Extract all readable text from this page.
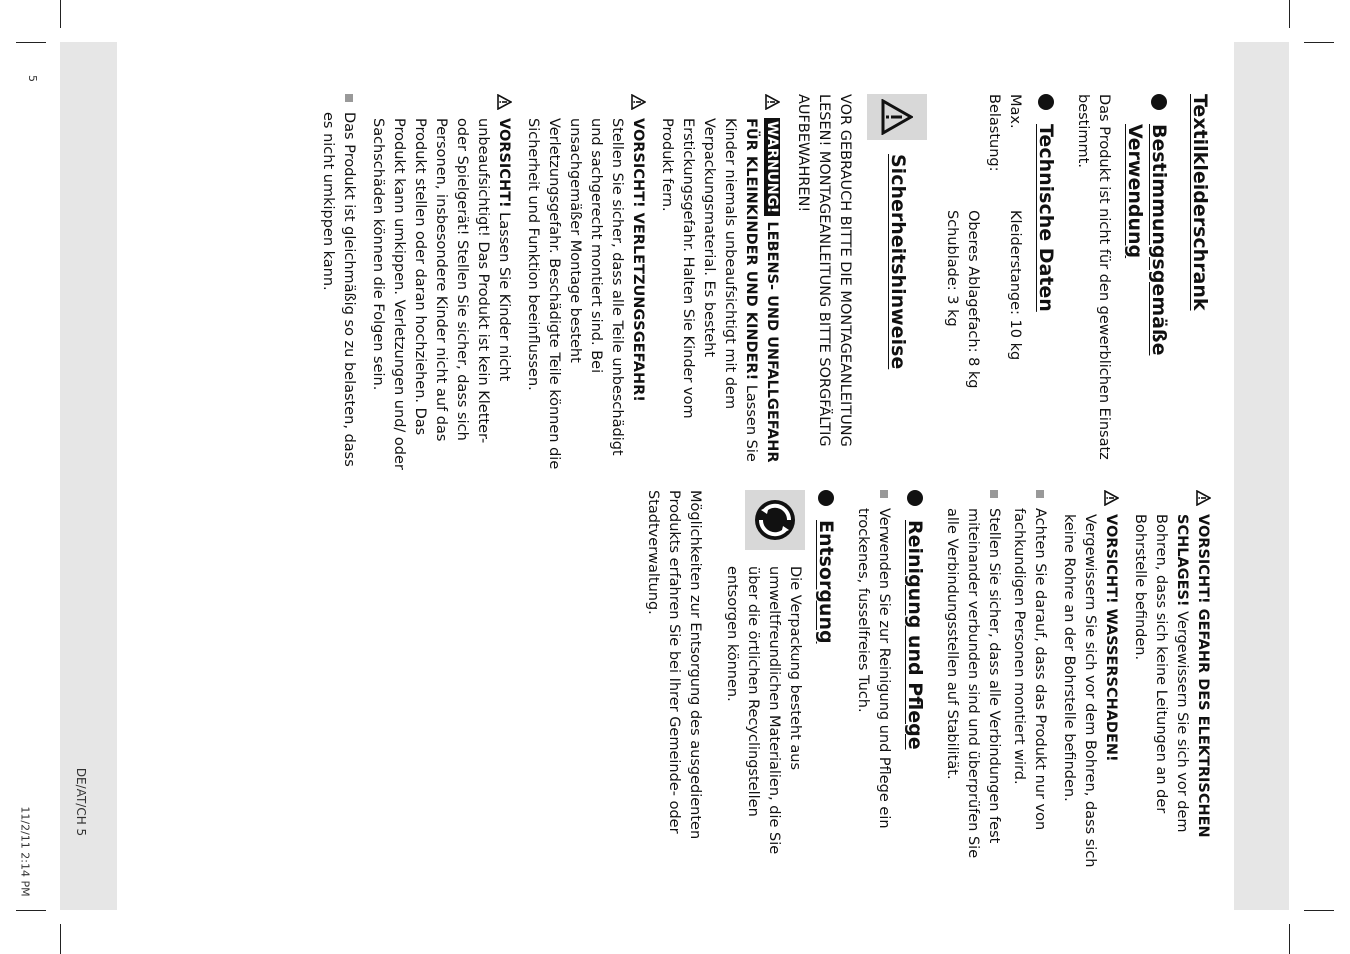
5
11/2/11 2:14 PM
DE/AT/CH 5
Textilkleiderschrank
Bestimmungsgemäße Verwendung

Das Produkt ist nicht für den gewerblichen Einsatz bestimmt.

Technische Daten
Max. Belastung:
Kleiderstange: 10 kg
Oberes Ablagefach: 8 kg
Schublade: 3 kg
Sicherheitshinweise

VOR GEBRAUCH BITTE DIE MONTAGEANLEITUNG LESEN! MONTAGEANLEITUNG BITTE SORGFÄLTIG AUFBEWAHREN!

WARNUNG! LEBENS- UND UNFALLGEFAHR FÜR KLEINKINDER UND KINDER! Lassen Sie Kinder niemals unbeaufsichtigt mit dem Verpackungsmaterial. Es besteht Erstickungsgefahr. Halten Sie Kinder vom Produkt fern.
VORSICHT! VERLETZUNGSGEFAHR!

Stellen Sie sicher, dass alle Teile unbeschädigt und sachgerecht montiert sind. Bei unsachgemäßer Montage besteht Verletzungsgefahr. Beschädigte Teile können die Sicherheit und Funktion beeinflussen.

VORSICHT! Lassen Sie Kinder nicht unbeaufsichtigt! Das Produkt ist kein Kletter- oder Spielgerät! Stellen Sie sicher, dass sich Personen, insbesondere Kinder nicht auf das Produkt stellen oder daran hochziehen. Das Produkt kann umkippen. Verletzungen und/ oder Sachschäden können die Folgen sein.
Das Produkt ist gleichmäßig so zu belasten, dass es nicht umkippen kann.
VORSICHT! GEFAHR DES ELEKTRISCHEN SCHLAGES! Vergewissern Sie sich vor dem Bohren, dass sich keine Leitungen an der Bohrstelle befinden.
VORSICHT! WASSERSCHADEN!

Vergewissern Sie sich vor dem Bohren, dass sich keine Rohre an der Bohrstelle befinden.

Achten Sie darauf, dass das Produkt nur von fachkundigen Personen montiert wird.
Stellen Sie sicher, dass alle Verbindungen fest miteinander verbunden sind und überprüfen Sie alle Verbindungsstellen auf Stabilität.
Reinigung und Pflege
Verwenden Sie zur Reinigung und Pflege ein trockenes, fusselfreies Tuch.
Entsorgung

Die Verpackung besteht aus umweltfreundlichen Materialien, die Sie über die örtlichen Recyclingstellen entsorgen können.

Möglichkeiten zur Entsorgung des ausgedienten Produkts erfahren Sie bei Ihrer Gemeinde- oder Stadtverwaltung.
